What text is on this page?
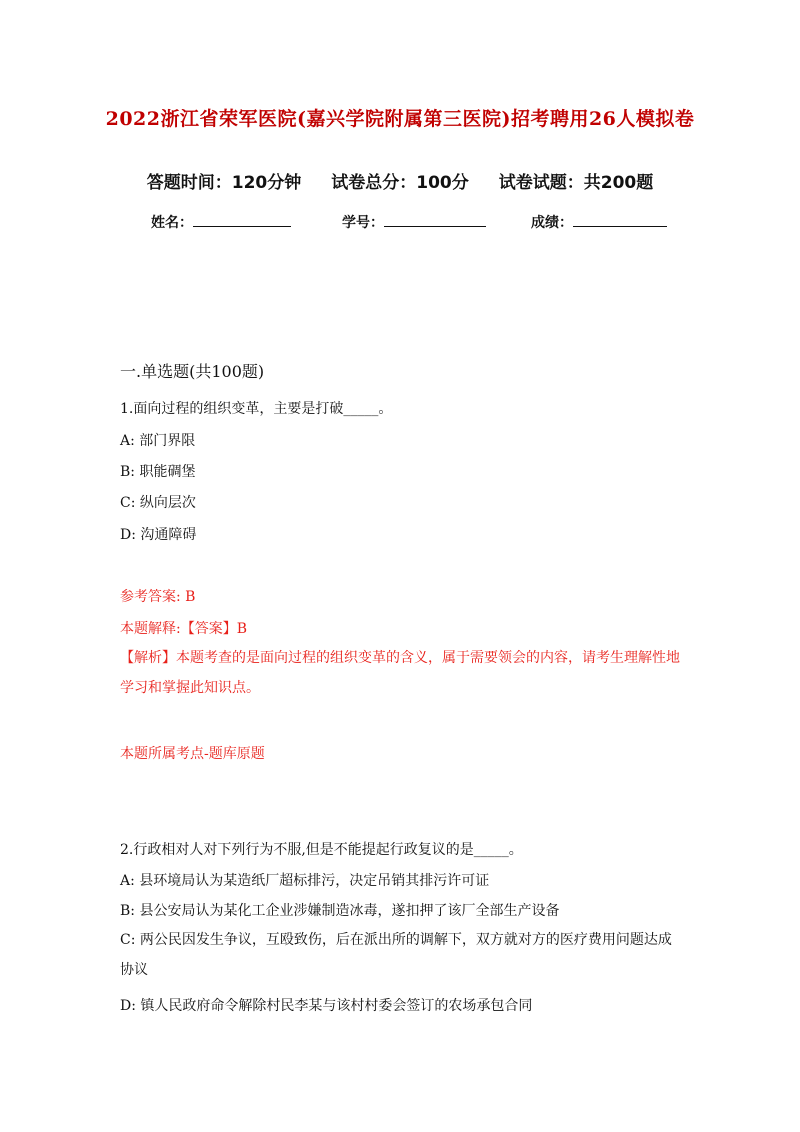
2022浙江省荣军医院(嘉兴学院附属第三医院)招考聘用26人模拟卷
答题时间：120分钟 试卷总分：100分 试卷试题：共200题
姓名：	学号：	成绩：
一.单选题(共100题)
1.面向过程的组织变革，主要是打破_____。
A: 部门界限
B: 职能碉堡
C: 纵向层次
D: 沟通障碍
参考答案: B
本题解释:【答案】B
【解析】本题考查的是面向过程的组织变革的含义，属于需要领会的内容，请考生理解性地学习和掌握此知识点。
本题所属考点-题库原题
2.行政相对人对下列行为不服,但是不能提起行政复议的是_____。
A: 县环境局认为某造纸厂超标排污，决定吊销其排污许可证
B: 县公安局认为某化工企业涉嫌制造冰毒，遂扣押了该厂全部生产设备
C: 两公民因发生争议，互殴致伤，后在派出所的调解下，双方就对方的医疗费用问题达成协议
D: 镇人民政府命令解除村民李某与该村村委会签订的农场承包合同
